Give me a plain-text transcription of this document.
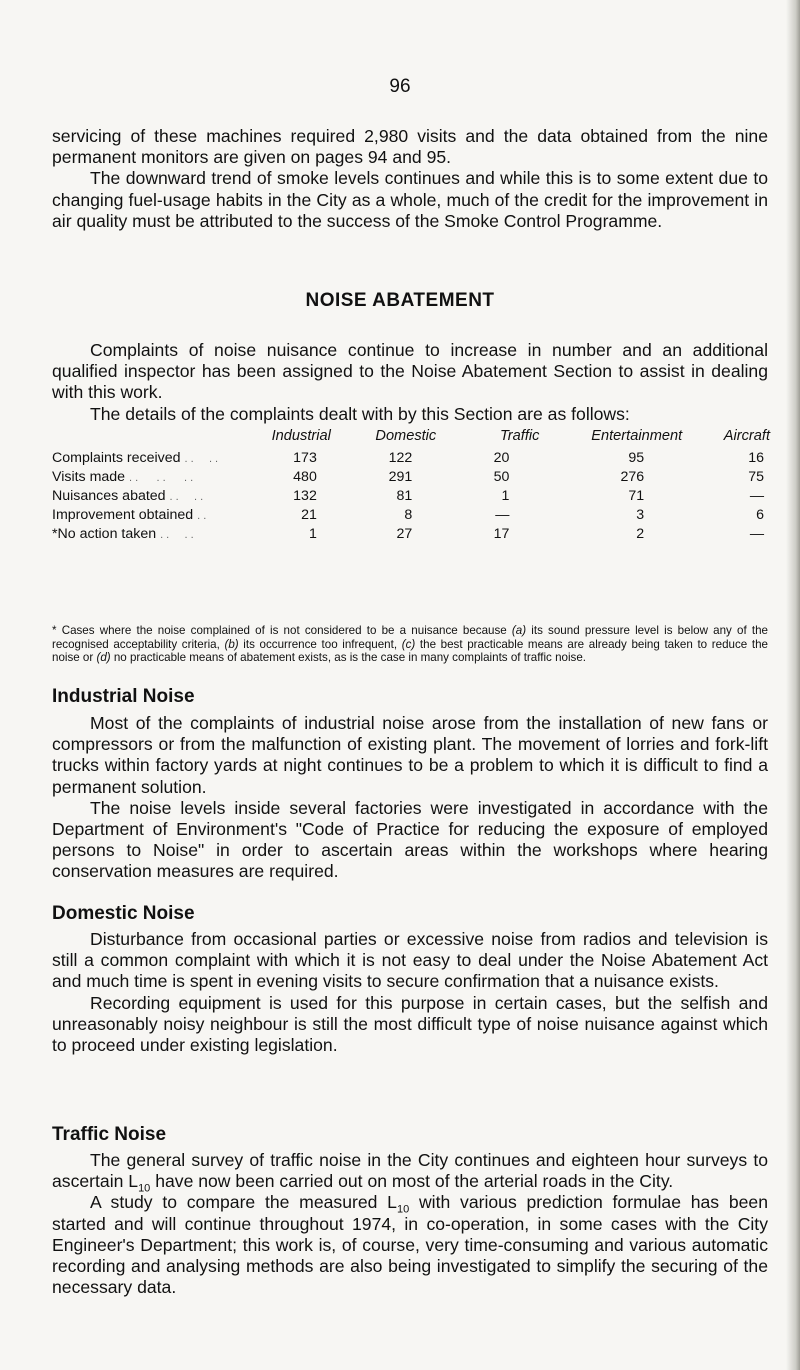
96

servicing of these machines required 2,980 visits and the data obtained from the nine permanent monitors are given on pages 94 and 95.

The downward trend of smoke levels continues and while this is to some extent due to changing fuel-usage habits in the City as a whole, much of the credit for the improvement in air quality must be attributed to the success of the Smoke Control Programme.

NOISE ABATEMENT

Complaints of noise nuisance continue to increase in number and an additional qualified inspector has been assigned to the Noise Abatement Section to assist in dealing with this work.

The details of the complaints dealt with by this Section are as follows:

	Industrial	Domestic	Traffic	Entertainment	Aircraft
Complaints received . .     . .	173	122	20	95	16
Visits made . .      . .      . .	480	291	50	276	75
Nuisances abated . .     . .	132	81	1	71	—
Improvement obtained . .	21	8	—	3	6
*No action taken . .     . .	1	27	17	2	—
* Cases where the noise complained of is not considered to be a nuisance because (a) its sound pressure level is below any of the recognised acceptability criteria, (b) its occurrence too infrequent, (c) the best practicable means are already being taken to reduce the noise or (d) no practicable means of abatement exists, as is the case in many complaints of traffic noise.
Industrial Noise

Most of the complaints of industrial noise arose from the installation of new fans or compressors or from the malfunction of existing plant. The movement of lorries and fork-lift trucks within factory yards at night continues to be a problem to which it is difficult to find a permanent solution.

The noise levels inside several factories were investigated in accordance with the Department of Environment's "Code of Practice for reducing the exposure of employed persons to Noise" in order to ascertain areas within the workshops where hearing conservation measures are required.

Domestic Noise

Disturbance from occasional parties or excessive noise from radios and television is still a common complaint with which it is not easy to deal under the Noise Abatement Act and much time is spent in evening visits to secure confirmation that a nuisance exists.

Recording equipment is used for this purpose in certain cases, but the selfish and unreasonably noisy neighbour is still the most difficult type of noise nuisance against which to proceed under existing legislation.

Traffic Noise

The general survey of traffic noise in the City continues and eighteen hour surveys to ascertain $L_{10}$ have now been carried out on most of the arterial roads in the City.

A study to compare the measured $L_{10}$ with various prediction formulae has been started and will continue throughout 1974, in co-operation, in some cases with the City Engineer's Department; this work is, of course, very time-consuming and various automatic recording and analysing methods are also being investigated to simplify the securing of the necessary data.
